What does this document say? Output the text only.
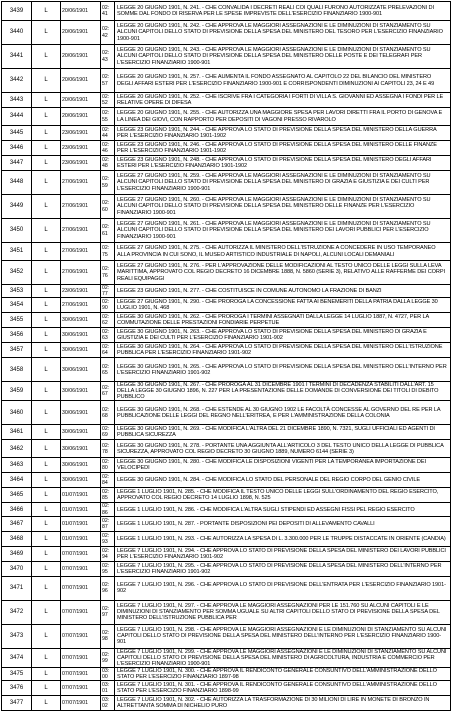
3439	L	20/06/1901	02:41	LEGGE 20 GIUGNO 1901, N. 241. - CHE CONVALIDA I DECRETI REALI COI QUALI FURONO AUTORIZZATE PRELEVAZIONI DI SOMME DAL FONDO DI RISERVA PER LE SPESE IMPREVISTE DELL'ESERCIZIO FINANZIARIO 1900-901
3440	L	20/06/1901	02:42	LEGGE 20 GIUGNO 1901, N. 242. - CHE APPROVA LE MAGGIORI ASSEGNAZIONI E LE DIMINUZIONI DI STANZIAMENTO SU ALCUNI CAPITOLI DELLO STATO DI PREVISIONE DELLA SPESA DEL MINISTERO DEL TESORO PER L'ESERCIZIO FINANZIARIO 1900-901
3441	L	20/06/1901	02:43	LEGGE 20 GIUGNO 1901, N. 243. - CHE APPROVA LE MAGGIORI ASSEGNAZIONI E LE DIMINUZIONI DI STANZIAMENTO SU ALCUNI CAPITOLI DELLO STATO DI PREVISIONE DELLA SPESA DEL MINISTERO DELLE POSTE E DEI TELEGRAFI PER L'ESERCIZIO FINANZIARIO 1900-901
3442	L	20/06/1901	02:57	LEGGE 20 GIUGNO 1901, N. 257. - CHE AUMENTA IL FONDO ASSEGNATO AL CAPITOLO 22 DEL BILANCIO DEL MINISTERO DEGLI AFFARI ESTERI PER L'ESERCIZIO FINANZIARIO 1900-901 E CORRISPONDENTI DIMINUZIONI AI CAPITOLI 23, 24 E 49
3443	L	20/06/1901	02:52	LEGGE 20 GIUGNO 1901, N. 252. - CHE ISCRIVE FRA I CATEGORIA I FORTI DI VILLA S. GIOVANNI ED ASSEGNA I FONDI PER LE RELATIVE OPERE DI DIFESA
3444	L	20/06/1901	02:55	LEGGE 20 GIUGNO 1901, N. 255. - CHE AUTORIZZA UNA MAGGIORE SPESA PER LAVORI DIRETTI FRA IL PORTO DI GENOVA E LA LINEA DEI GIOVI, CON RAPPORTO PER DEPOSITI DI VAGONI PRESSO RIVAROLO
3445	L	23/06/1901	02:44	LEGGE 23 GIUGNO 1901, N. 244. - CHE APPROVA LO STATO DI PREVISIONE DELLA SPESA DEL MINISTERO DELLA GUERRA PER L'ESERCIZIO FINANZIARIO 1901-1902
3446	L	23/06/1901	02:46	LEGGE 23 GIUGNO 1901, N. 246. - CHE APPROVA LO STATO DI PREVISIONE DELLA SPESA DEL MINISTERO DELLE FINANZE PER L'ESERCIZIO FINANZIARIO 1901-1902
3447	L	23/06/1901	02:48	LEGGE 23 GIUGNO 1901, N. 248. - CHE APPROVA LO STATO DI PREVISIONE DELLA SPESA DEL MINISTERO DEGLI AFFARI ESTERI PER L'ESERCIZIO FINANZIARIO 1901-1902
3448	L	27/06/1901	02:59	LEGGE 27 GIUGNO 1901, N. 259. - CHE APPROVA LE MAGGIORI ASSEGNAZIONI E LE DIMINUZIONI DI STANZIAMENTO SU ALCUNI CAPITOLI DELLO STATO DI PREVISIONE DELLA SPESA DEL MINISTERO DI GRAZIA E GIUSTIZIA E DEI CULTI PER L'ESERCIZIO FINANZIARIO 1900-901
3449	L	27/06/1901	02:60	LEGGE 27 GIUGNO 1901, N. 260. - CHE APPROVA LE MAGGIORI ASSEGNAZIONI E LE DIMINUZIONI DI STANZIAMENTO SU ALCUNI CAPITOLI DELLO STATO DI PREVISIONE DELLA SPESA DEL MINISTERO DELLE FINANZE PER L'ESERCIZIO FINANZIARIO 1900-901
3450	L	27/06/1901	02:61	LEGGE 27 GIUGNO 1901, N. 261. - CHE APPROVA LE MAGGIORI ASSEGNAZIONI E LE DIMINUZIONI DI STANZIAMENTO SU ALCUNI CAPITOLI DELLO STATO DI PREVISIONE DELLA SPESA DEL MINISTERO DEI LAVORI PUBBLICI PER L'ESERCIZIO FINANZIARIO 1900-901
3451	L	27/06/1901	02:75	LEGGE 27 GIUGNO 1901, N. 275. - CHE AUTORIZZA IL MINISTERO DELL'ISTRUZIONE A CONCEDERE IN USO TEMPORANEO ALLA PROVINCIA IN CUI SONO, IL MUSEO ARTISTICO INDUSTRIALE DI NAPOLI, ALCUNI LOCALI DEMANIALI
3452	L	27/06/1901	02:76	LEGGE 27 GIUGNO 1901, N. 276. - PER L'APPROVAZIONE DELLE MODIFICAZIONI AL TESTO UNICO DELLE LEGGI SULLA LEVA MARITTIMA, APPROVATO COL REGIO DECRETO 16 DICEMBRE 1888, N. 5860 (SERIE 3), RELATIVO ALLE RAFFERME DEI CORPI REALI EQUIPAGGI
3453	L	23/06/1901	02:77	LEGGE 23 GIUGNO 1901, N. 277. - CHE COSTITUISCE IN COMUNE AUTONOMO LA FRAZIONE DI BANZI
3454	L	27/06/1901	02:90	LEGGE 27 GIUGNO 1901, N. 290. - CHE PROROGA LA CONCESSIONE FATTA AI BENEMERITI DELLA PATRIA DALLA LEGGE 30 LUGLIO 1901, N. 468
3455	L	30/06/1901	02:62	LEGGE 30 GIUGNO 1901, N. 262. - CHE PROROGA I TERMINI ASSEGNATI DALLA LEGGE 14 LUGLIO 1887, N. 4727, PER LA COMMUTAZIONE DELLE PRESTAZIONI FONDIARIE PERPETUE
3456	L	30/06/1901	02:63	LEGGE 30 GIUGNO 1901, N. 263. - CHE APPROVA LO STATO DI PREVISIONE DELLA SPESA DEL MINISTERO DI GRAZIA E GIUSTIZIA E DEI CULTI PER L'ESERCIZIO FINANZIARIO 1901-902
3457	L	30/06/1901	02:64	LEGGE 30 GIUGNO 1901, N. 264. - CHE APPROVA LO STATO DI PREVISIONE DELLA SPESA DEL MINISTERO DELL'ISTRUZIONE PUBBLICA PER L'ESERCIZIO FINANZIARIO 1901-902
3458	L	30/06/1901	02:65	LEGGE 30 GIUGNO 1901, N. 265. - CHE APPROVA LO STATO DI PREVISIONE DELLA SPESA DEL MINISTERO DELL'INTERNO PER L'ESERCIZIO FINANZIARIO 1901-902
3459	L	30/06/1901	02:67	LEGGE 30 GIUGNO 1901, N. 267. - CHE PROROGA AL 31 DICEMBRE 1901 I TERMINI DI DECADENZA STABILITI DALL'ART. 15 DELLA LEGGE 30 GIUGNO 1896, N. 227 PER LA PRESENTAZIONE DELLE DOMANDE DI CONVERSIONE DEI TITOLI DI DEBITO PUBBLICO
3460	L	30/06/1901	02:68	LEGGE 30 GIUGNO 1901, N. 268. - CHE ESTENDE AL 30 GIUGNO 1902 LE FACOLTÀ CONCESSE AL GOVERNO DEL RE PER LA PUBBLICAZIONE DELLE LEGGI DEL REGNO NELL'ERITREA, E PER L'AMMINISTRAZIONE DELLA COLONIA
3461	L	30/06/1901	02:69	LEGGE 30 GIUGNO 1901, N. 269. - CHE MODIFICA L'ALTRA DEL 21 DICEMBRE 1890, N. 7321, SUGLI UFFICIALI ED AGENTI DI PUBBLICA SICUREZZA
3462	L	30/06/1901	02:78	LEGGE 30 GIUGNO 1901, N. 278. - PORTANTE UNA AGGIUNTA ALL'ARTICOLO 3 DEL TESTO UNICO DELLA LEGGE DI PUBBLICA SICUREZZA, APPROVATO COL REGIO DECRETO 30 GIUGNO 1889, NUMERO 6144 (SERIE 3)
3463	L	30/06/1901	02:80	LEGGE 30 GIUGNO 1901, N. 280. - CHE MODIFICA LE DISPOSIZIONI VIGENTI PER LA TEMPORANEA IMPORTAZIONE DEI VELOCIPEDI
3464	L	30/06/1901	02:84	LEGGE 30 GIUGNO 1901, N. 284. - CHE MODIFICA LO STATO DEL PERSONALE DEL REGIO CORPO DEL GENIO CIVILE
3465	L	01/07/1901	02:85	LEGGE 1 LUGLIO 1901, N. 285. - CHE MODIFICA IL TESTO UNICO DELLE LEGGI SULL'ORDINAMENTO DEL REGIO ESERCITO, APPROVATO COL REGIO DECRETO 14 LUGLIO 1898, N. 525
3466	L	01/07/1901	02:86	LEGGE 1 LUGLIO 1901, N. 286. - CHE MODIFICA L'ALTRA SUGLI STIPENDI ED ASSEGNI FISSI PEL REGIO ESERCITO
3467	L	01/07/1901	02:87	LEGGE 1 LUGLIO 1901, N. 287. - PORTANTE DISPOSIZIONI PEI DEPOSITI DI ALLEVAMENTO CAVALLI
3468	L	01/07/1901	02:93	LEGGE 1 LUGLIO 1901, N. 293. - CHE AUTORIZZA LA SPESA DI L. 3.300.000 PER LE TRUPPE DISTACCATE IN ORIENTE (CANDIA)
3469	L	07/07/1901	02:94	LEGGE 7 LUGLIO 1901, N. 294. - CHE APPROVA LO STATO DI PREVISIONE DELLA SPESA DEL MINISTERO DEI LAVORI PUBBLICI PER L'ESERCIZIO FINANZIARIO 1901-902
3470	L	07/07/1901	02:95	LEGGE 7 LUGLIO 1901, N. 295. - CHE APPROVA LO STATO DI PREVISIONE DELLA SPESA DEL MINISTERO DELL'INTERNO PER L'ESERCIZIO FINANZIARIO 1901-902
3471	L	07/07/1901	02:96	LEGGE 7 LUGLIO 1901, N. 296. - CHE APPROVA LO STATO DI PREVISIONE DELL'ENTRATA PER L'ESERCIZIO FINANZIARIO 1901-902
3472	L	07/07/1901	02:97	LEGGE 7 LUGLIO 1901, N. 297. - CHE APPROVA LE MAGGIORI ASSEGNAZIONI PER LE 151.760 SU ALCUNI CAPITOLI E LE DIMINUZIONI DI STANZIAMENTO PER SOMMA UGUALE SU ALTRI CAPITOLI DELLO STATO DI PREVISIONE DELLA SPESA DEL MINISTERO DELL'ISTRUZIONE PUBBLICA PER
3473	L	07/07/1901	02:98	LEGGE 7 LUGLIO 1901, N. 298. - CHE APPROVA LE MAGGIORI ASSEGNAZIONI E LE DIMINUZIONI DI STANZIAMENTO SU ALCUNI CAPITOLI DELLO STATO DI PREVISIONE DELLA SPESA DEL MINISTERO DELL'INTERNO PER L'ESERCIZIO FINANZIARIO 1900-901
3474	L	07/07/1901	02:99	LEGGE 7 LUGLIO 1901, N. 299. - CHE APPROVA LE MAGGIORI ASSEGNAZIONI E LE DIMINUZIONI DI STANZIAMENTO SU ALCUNI CAPITOLI DELLO STATO DI PREVISIONE DELLA SPESA DEL MINISTERO DI AGRICOLTURA, INDUSTRIA E COMMERCIO PER L'ESERCIZIO FINANZIARIO 1900-901
3475	L	07/07/1901	03:00	LEGGE 7 LUGLIO 1901, N. 300. - CHE APPROVA IL RENDICONTO GENERALE CONSUNTIVO DELL'AMMINISTRAZIONE DELLO STATO PER L'ESERCIZIO FINANZIARIO 1897-98
3476	L	07/07/1901	03:01	LEGGE 7 LUGLIO 1901, N. 301. - CHE APPROVA IL RENDICONTO GENERALE CONSUNTIVO DELL'AMMINISTRAZIONE DELLO STATO PER L'ESERCIZIO FINANZIARIO 1898-99
3477	L	07/07/1901	03:02	LEGGE 7 LUGLIO 1901, N. 302. - CHE AUTORIZZA LA TRASFORMAZIONE DI 30 MILIONI DI LIRE IN MONETE DI BRONZO IN ALTRETTANTA SOMMA DI NICHELIO PURO
